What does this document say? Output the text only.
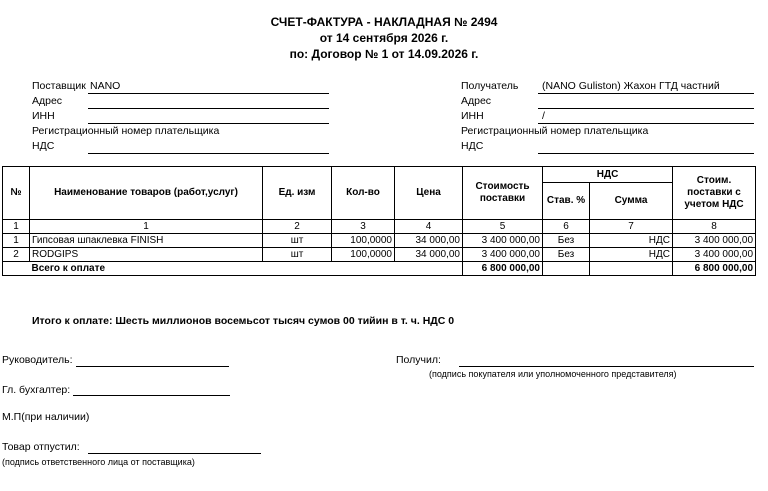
СЧЕТ-ФАКТУРА - НАКЛАДНАЯ № 2494
от 14 сентября 2026 г.
по: Договор № 1 от 14.09.2026 г.
Поставщик NANO
Адрес
ИНН
Регистрационный номер плательщика
НДС
Получатель (NANO Guliston) Жахон ГТД частний
Адрес
ИНН	/
Регистрационный номер плательщика
НДС
№	Наименование товаров (работ,услуг)	Ед. изм	Кол-во	Цена	Стоимость поставки	НДС		Стоим. поставки с учетом НДС
						Став. %	Сумма	
1	1	2	3	4	5	6	7	8
1	Гипсовая шпаклевка FINISH	шт	100,0000	34 000,00	3 400 000,00	Без	НДС	3 400 000,00
2	RODGIPS	шт	100,0000	34 000,00	3 400 000,00	Без	НДС	3 400 000,00
	Всего к оплате				6 800 000,00			6 800 000,00
Итого к оплате: Шесть миллионов восемьсот тысяч сумов 00 тийин в т. ч. НДС 0
Руководитель:	Получил:
(подпись покупателя или уполномоченного представителя)
Гл. бухгалтер:
М.П(при наличии)
Товар отпустил:
(подпись ответственного лица от поставщика)
